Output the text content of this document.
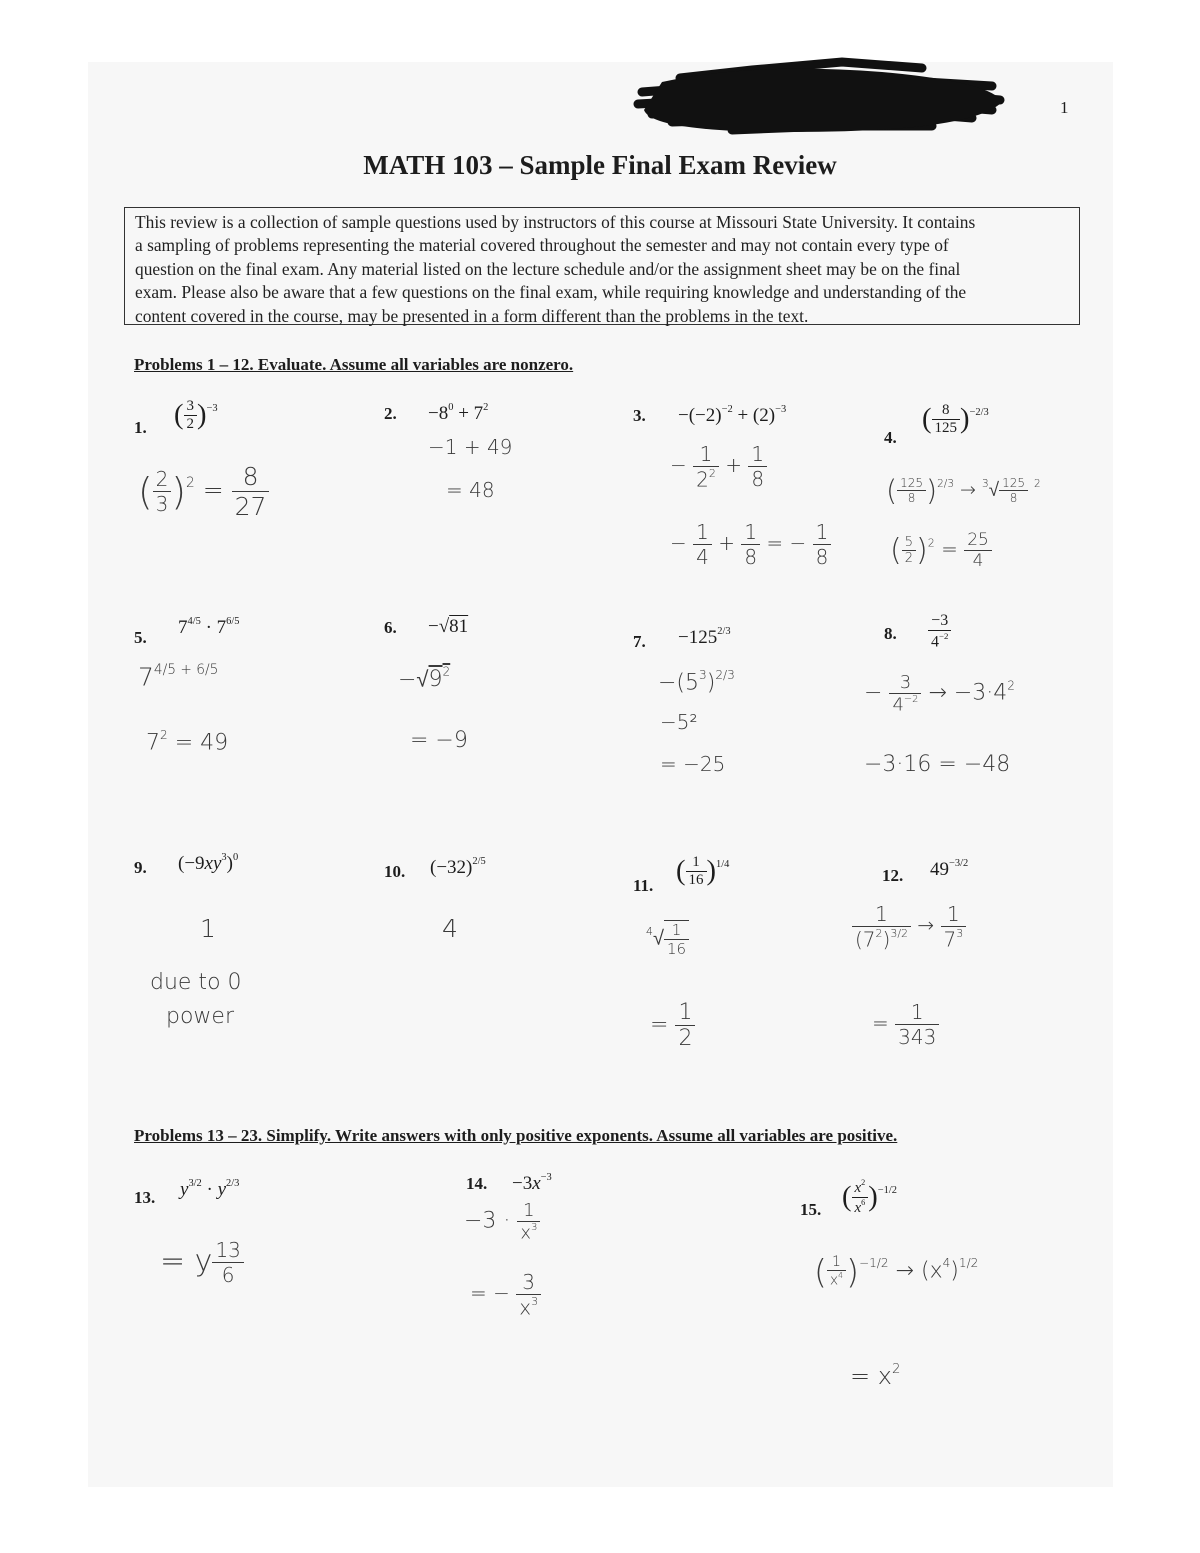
1
MATH 103 – Sample Final Exam Review
This review is a collection of sample questions used by instructors of this course at Missouri State University. It contains
a sampling of problems representing the material covered throughout the semester and may not contain every type of
question on the final exam. Any material listed on the lecture schedule and/or the assignment sheet may be on the final
exam. Please also be aware that a few questions on the final exam, while requiring knowledge and understanding of the
content covered in the course, may be presented in a form different than the problems in the text.
Problems 1 – 12. Evaluate. Assume all variables are nonzero.
1. ( $\frac{3}{2} )^{-3}$
( $\frac{2}{3} )^2 = \frac{8}{27}$
2. $-8^0 + 7^2$
−1 + 49
= 48
3. $-(-2)^{-2} + (2)^{-3}$
− $\frac{1}{2^2} + \frac{1}{8}$
− $\frac{1}{4} + \frac{1}{8}$ = − $\frac{1}{8}$
4.
( $\frac{8}{125} )^{-2/3}$
( $\frac{125}{8} )^{2/3} \to ^3√ \frac{125}{8} ^2$
( $\frac{5}{2} )^2 = \frac{25}{4}$
5. $7^{4/5} \cdot 7^{6/5}$
$7^{4/5 + 6/5}$
$7^2 = 49$
6. −√81
$-√9^2$
= −9
7. $-125^{2/3}$
$-(5^3)^{2/3}$
−5²
= −25
8. $\frac{-3}{4^{-2}}$
− $\frac{3}{4^{-2}} \to -3\cdot 4^2$
−3·16 = −48
9. $(-9xy^3)^0$
1
due to 0
power
10. $(-32)^{2/5}$
4
11. ( $\frac{1}{16} )^{1/4}$
$^4√ \frac{1}{16}$
= $\frac{1}{2}$
12. $49^{-3/2}$
$\frac{1}{(7^2)^{3/2}} \to \frac{1}{7^3}$
= $\frac{1}{343}$
Problems 13 – 23. Simplify. Write answers with only positive exponents. Assume all variables are positive.
13. $y^{3/2} \cdot y^{2/3}$
= y $\frac{13}{6}$
14. $-3x^{-3}$
$-3 \cdot \frac{1}{x^3}$
= − $\frac{3}{x^3}$
15. ( $\frac{x^2}{x^6} )^{-1/2}$
( $\frac{1}{x^4} )^{-1/2} \to (x^4)^{1/2}$
= $x^2$
